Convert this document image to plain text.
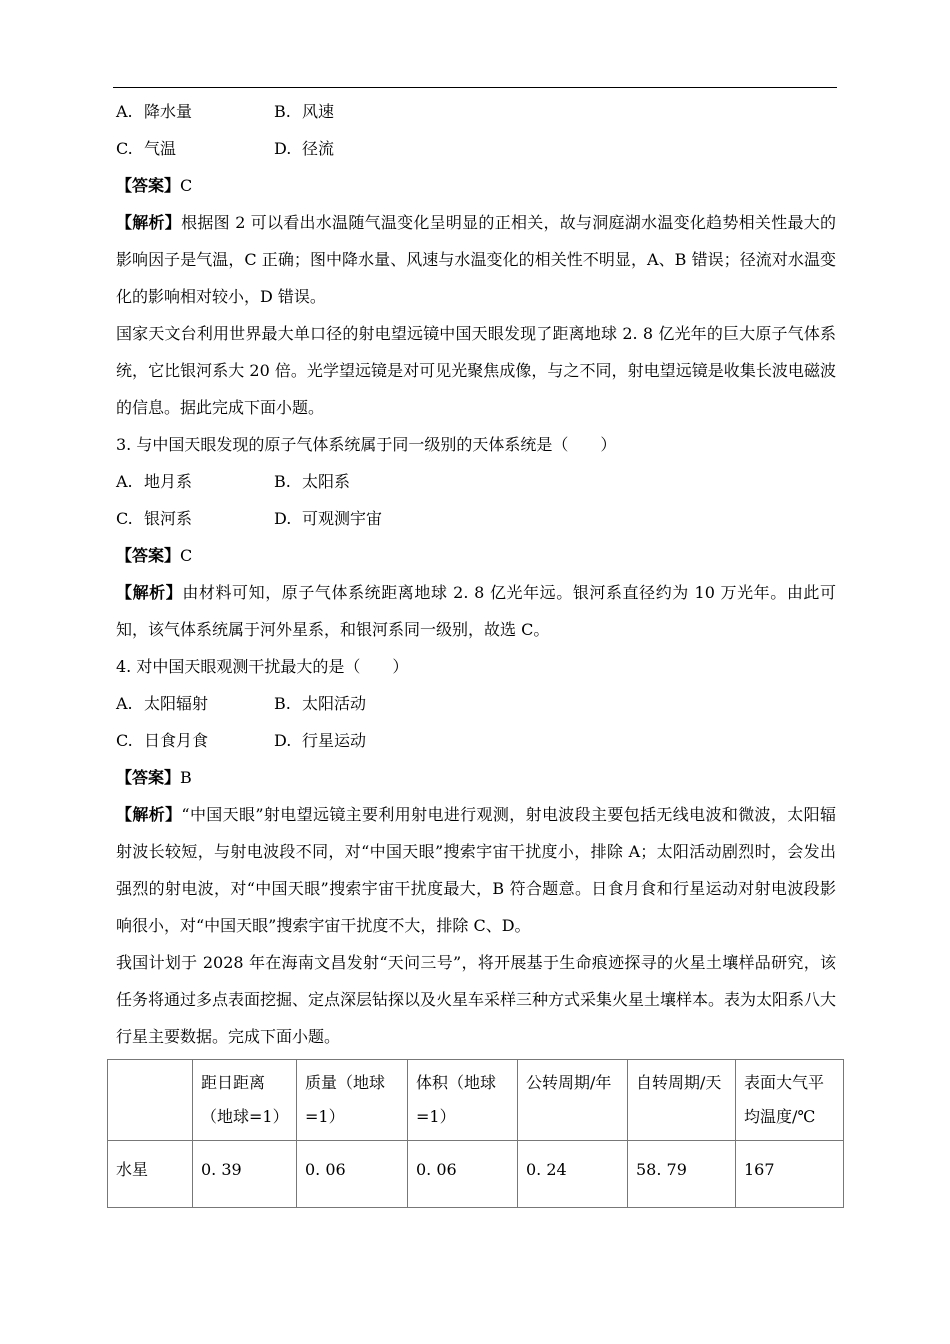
A. 降水量	B. 风速
C. 气温	D. 径流
【答案】C
【解析】根据图 2 可以看出水温随气温变化呈明显的正相关，故与洞庭湖水温变化趋势相关性最大的影响因子是气温，C 正确；图中降水量、风速与水温变化的相关性不明显，A、B 错误；径流对水温变化的影响相对较小，D 错误。
国家天文台利用世界最大单口径的射电望远镜中国天眼发现了距离地球 2. 8 亿光年的巨大原子气体系统，它比银河系大 20 倍。光学望远镜是对可见光聚焦成像，与之不同，射电望远镜是收集长波电磁波的信息。据此完成下面小题。
3. 与中国天眼发现的原子气体系统属于同一级别的天体系统是（　　）
A. 地月系	B. 太阳系
C. 银河系	D. 可观测宇宙
【答案】C
【解析】由材料可知，原子气体系统距离地球 2. 8 亿光年远。银河系直径约为 10 万光年。由此可知，该气体系统属于河外星系，和银河系同一级别，故选 C。
4. 对中国天眼观测干扰最大的是（　　）
A. 太阳辐射	B. 太阳活动
C. 日食月食	D. 行星运动
【答案】B
【解析】“中国天眼”射电望远镜主要利用射电进行观测，射电波段主要包括无线电波和微波，太阳辐射波长较短，与射电波段不同，对“中国天眼”搜索宇宙干扰度小，排除 A；太阳活动剧烈时，会发出强烈的射电波，对“中国天眼”搜索宇宙干扰度最大，B 符合题意。日食月食和行星运动对射电波段影响很小，对“中国天眼”搜索宇宙干扰度不大，排除 C、D。
我国计划于 2028 年在海南文昌发射“天问三号”，将开展基于生命痕迹探寻的火星土壤样品研究，该任务将通过多点表面挖掘、定点深层钻探以及火星车采样三种方式采集火星土壤样本。表为太阳系八大行星主要数据。完成下面小题。
	距日距离（地球=1）	质量（地球=1）	体积（地球=1）	公转周期/年	自转周期/天	表面大气平均温度/℃
水星	0. 39	0. 06	0. 06	0. 24	58. 79	167
